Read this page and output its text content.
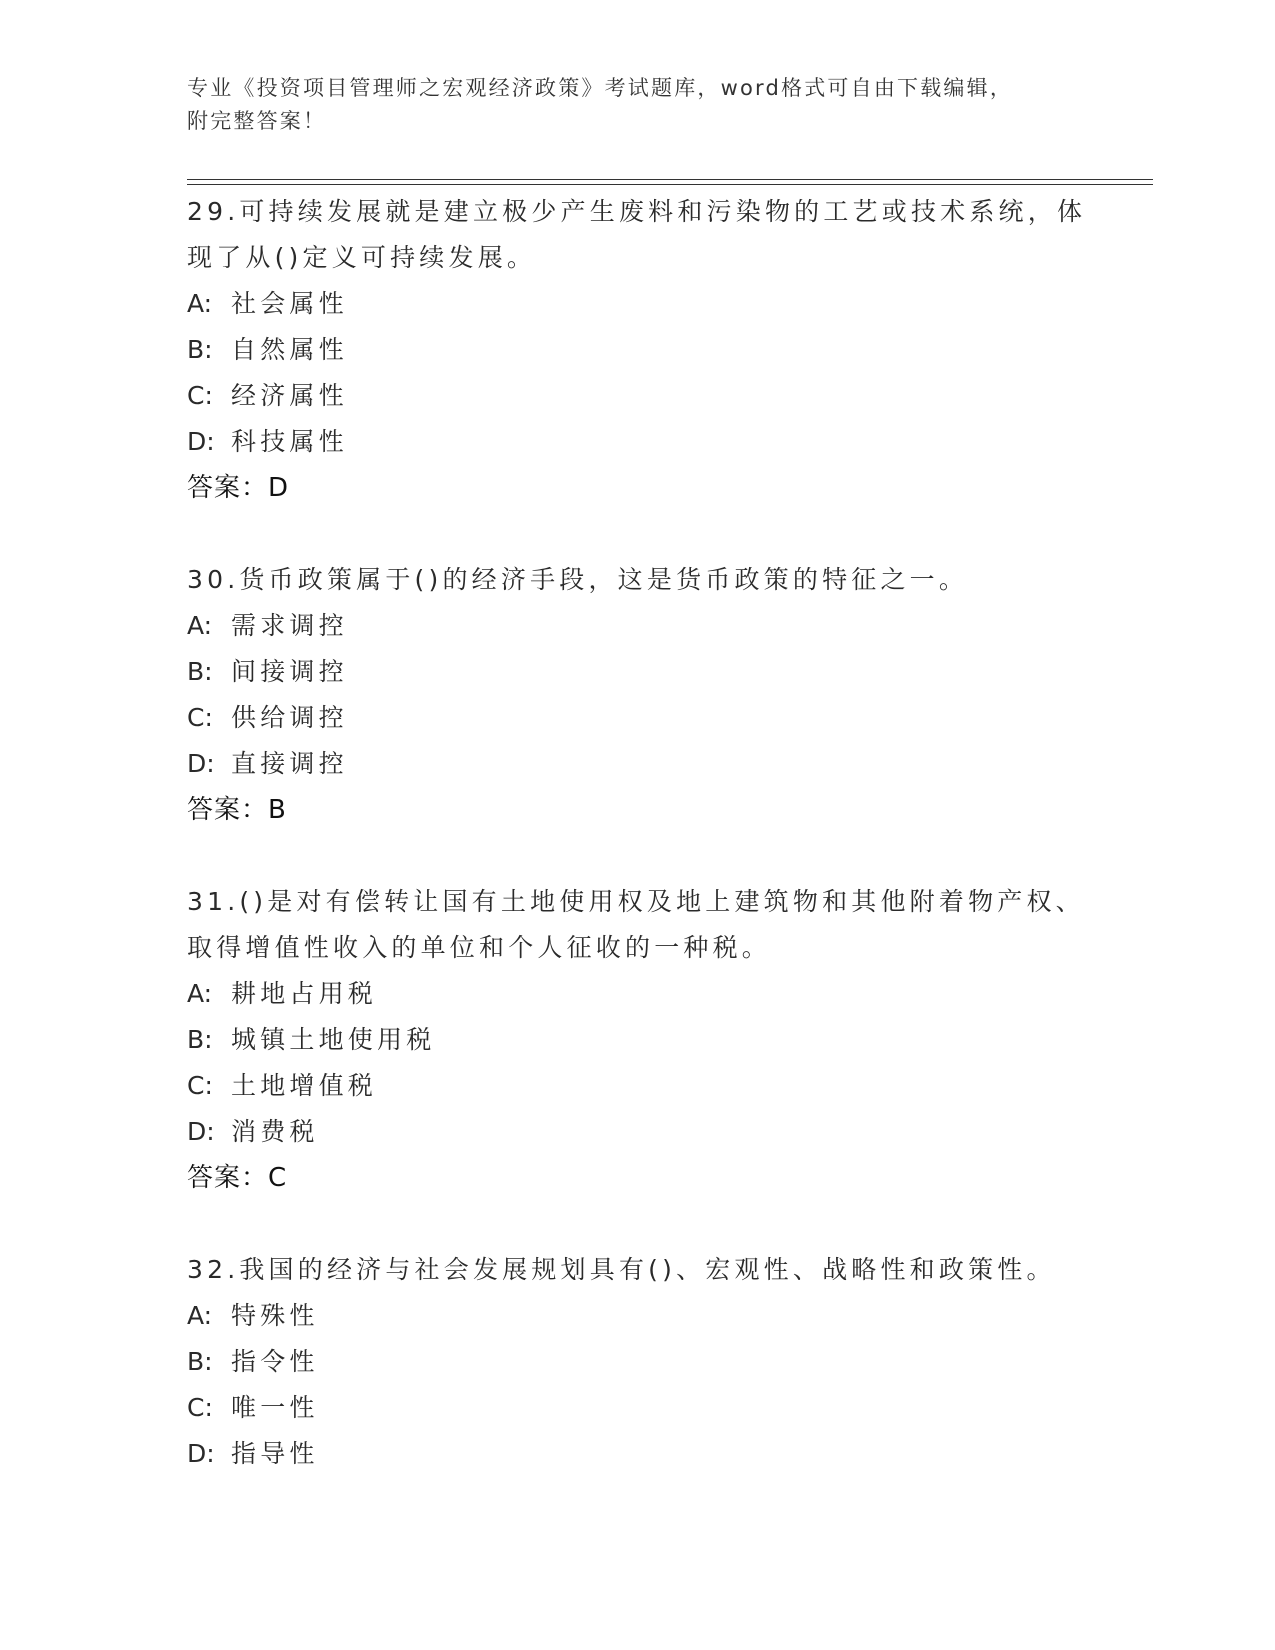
专业《投资项目管理师之宏观经济政策》考试题库，word格式可自由下载编辑，
附完整答案！
29.可持续发展就是建立极少产生废料和污染物的工艺或技术系统，体现了从()定义可持续发展。
A: 社会属性
B: 自然属性
C: 经济属性
D: 科技属性
答案：D
30.货币政策属于()的经济手段，这是货币政策的特征之一。
A: 需求调控
B: 间接调控
C: 供给调控
D: 直接调控
答案：B
31.()是对有偿转让国有土地使用权及地上建筑物和其他附着物产权、取得增值性收入的单位和个人征收的一种税。
A: 耕地占用税
B: 城镇土地使用税
C: 土地增值税
D: 消费税
答案：C
32.我国的经济与社会发展规划具有()、宏观性、战略性和政策性。
A: 特殊性
B: 指令性
C: 唯一性
D: 指导性
